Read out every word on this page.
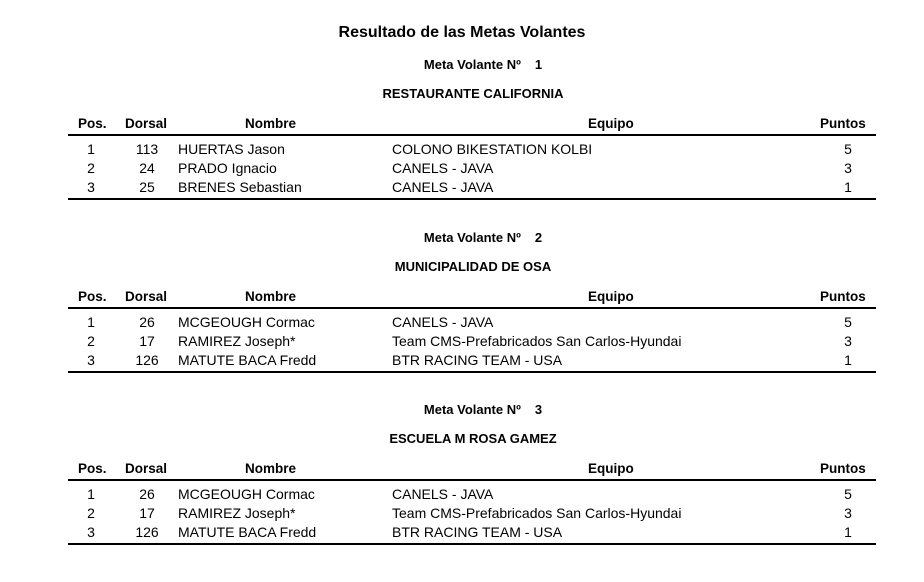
Resultado de las Metas Volantes
Meta Volante Nº 1
RESTAURANTE CALIFORNIA
Pos. Dorsal	Nombre	Equipo	Puntos
1	113	HUERTAS Jason	COLONO BIKESTATION KOLBI	5
2	24	PRADO Ignacio	CANELS - JAVA	3
3	25	BRENES Sebastian	CANELS - JAVA	1
Meta Volante Nº 2
MUNICIPALIDAD DE OSA
Pos. Dorsal	Nombre	Equipo	Puntos
1	26	MCGEOUGH Cormac	CANELS - JAVA	5
2	17	RAMIREZ Joseph*	Team CMS-Prefabricados San Carlos-Hyundai	3
3	126	MATUTE BACA Fredd	BTR RACING TEAM - USA	1
Meta Volante Nº 3
ESCUELA M ROSA GAMEZ
Pos. Dorsal	Nombre	Equipo	Puntos
1	26	MCGEOUGH Cormac	CANELS - JAVA	5
2	17	RAMIREZ Joseph*	Team CMS-Prefabricados San Carlos-Hyundai	3
3	126	MATUTE BACA Fredd	BTR RACING TEAM - USA	1
